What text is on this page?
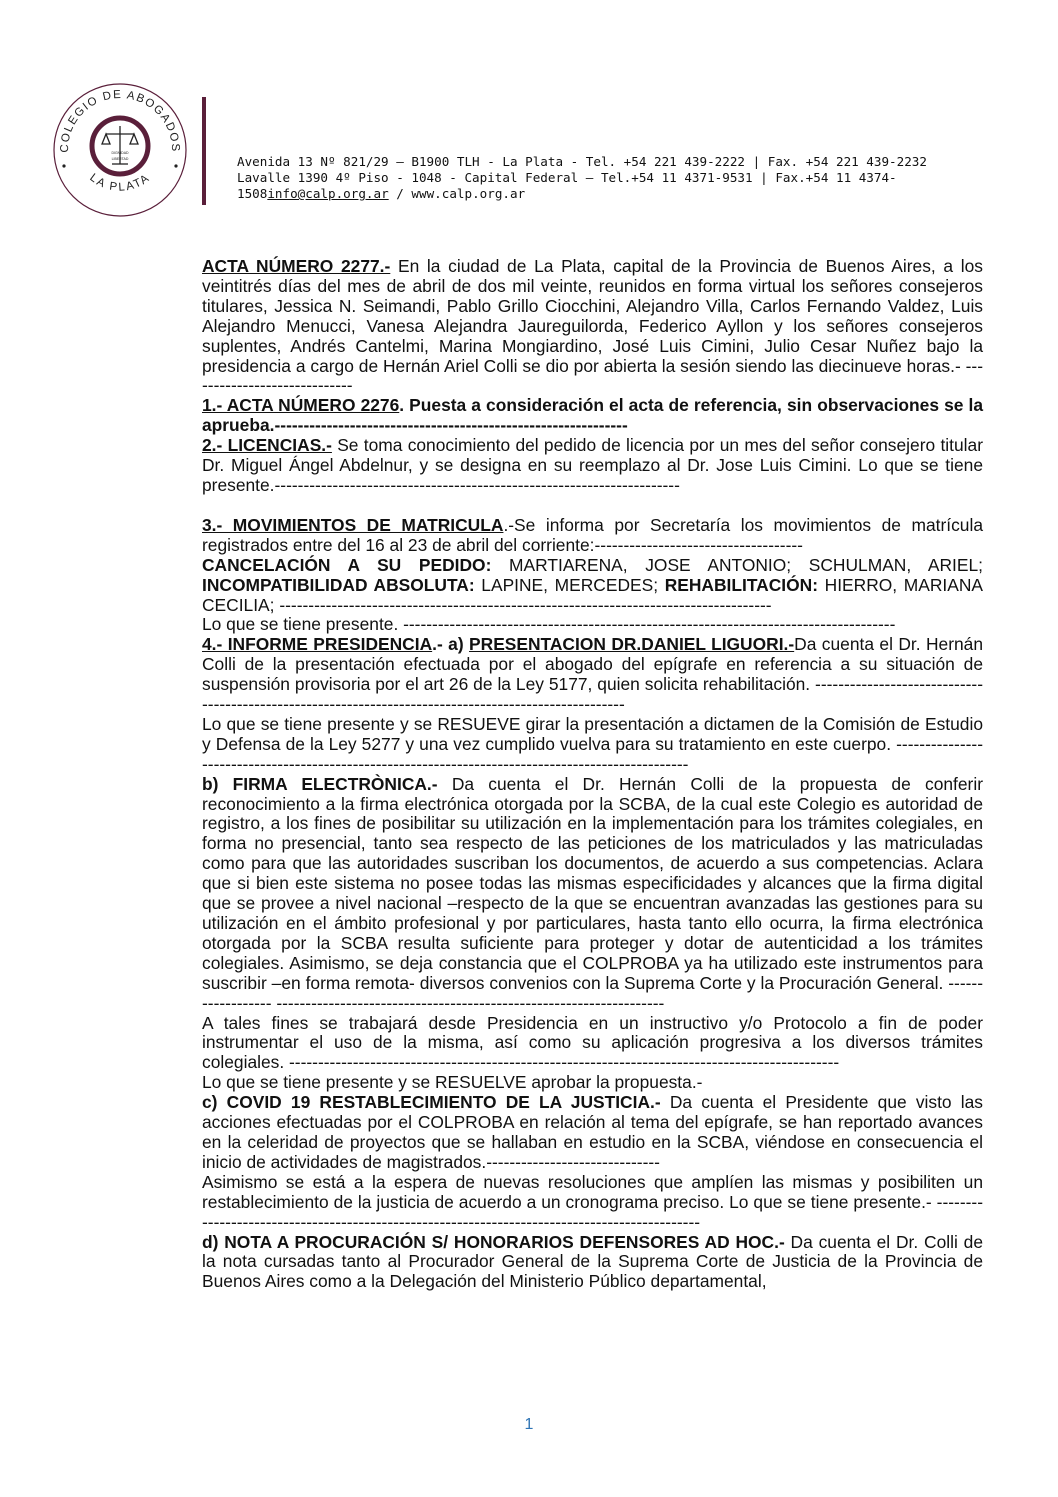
COLEGIO DE ABOGADOS
LA PLATA
DIGNIDAD
LIBERTAD	Avenida 13 Nº 821/29 – B1900 TLH - La Plata - Tel. +54 221 439-2222 | Fax. +54 221 439-2232
Lavalle 1390 4º Piso - 1048 - Capital Federal – Tel.+54 11 4371-9531 | Fax.+54 11 4374-
1508info@calp.org.ar / www.calp.org.ar

ACTA NÚMERO 2277.- En la ciudad de La Plata, capital de la Provincia de Buenos Aires, a los veintitrés días del mes de abril de dos mil veinte, reunidos en forma virtual los señores consejeros titulares, Jessica N. Seimandi, Pablo Grillo Ciocchini, Alejandro Villa, Carlos Fernando Valdez, Luis Alejandro Menucci, Vanesa Alejandra Jaureguilorda, Federico Ayllon y los señores consejeros suplentes, Andrés Cantelmi, Marina Mongiardino, José Luis Cimini, Julio Cesar Nuñez bajo la presidencia a cargo de Hernán Ariel Colli se dio por abierta la sesión siendo las diecinueve horas.- -----------------------------

1.- ACTA NÚMERO 2276. Puesta a consideración el acta de referencia, sin observaciones se la aprueba.-------------------------------------------------------------

2.- LICENCIAS.- Se toma conocimiento del pedido de licencia por un mes del señor consejero titular Dr. Miguel Ángel Abdelnur, y se designa en su reemplazo al Dr. Jose Luis Cimini. Lo que se tiene presente.----------------------------------------------------------------------

3.- MOVIMIENTOS DE MATRICULA.-Se informa por Secretaría los movimientos de matrícula registrados entre del 16 al 23 de abril del corriente:------------------------------------

CANCELACIÓN A SU PEDIDO: MARTIARENA, JOSE ANTONIO; SCHULMAN, ARIEL; INCOMPATIBILIDAD ABSOLUTA: LAPINE, MERCEDES; REHABILITACIÓN: HIERRO, MARIANA CECILIA; -------------------------------------------------------------------------------------

Lo que se tiene presente. -------------------------------------------------------------------------------------

4.- INFORME PRESIDENCIA.- a) PRESENTACION DR.DANIEL LIGUORI.-Da cuenta el Dr. Hernán Colli de la presentación efectuada por el abogado del epígrafe en referencia a su situación de suspensión provisoria por el art 26 de la Ley 5177, quien solicita rehabilitación. ------------------------------------------------------------------------------------------------------

Lo que se tiene presente y se RESUEVE girar la presentación a dictamen de la Comisión de Estudio y Defensa de la Ley 5277 y una vez cumplido vuelva para su tratamiento en este cuerpo. ---------------------------------------------------------------------------------------------------

b) FIRMA ELECTRÒNICA.- Da cuenta el Dr. Hernán Colli de la propuesta de conferir reconocimiento a la firma electrónica otorgada por la SCBA, de la cual este Colegio es autoridad de registro, a los fines de posibilitar su utilización en la implementación para los trámites colegiales, en forma no presencial, tanto sea respecto de las peticiones de los matriculados y las matriculadas como para que las autoridades suscriban los documentos, de acuerdo a sus competencias. Aclara que si bien este sistema no posee todas las mismas especificidades y alcances que la firma digital que se provee a nivel nacional –respecto de la que se encuentran avanzadas las gestiones para su utilización en el ámbito profesional y por particulares, hasta tanto ello ocurra, la firma electrónica otorgada por la SCBA resulta suficiente para proteger y dotar de autenticidad a los trámites colegiales. Asimismo, se deja constancia que el COLPROBA ya ha utilizado este instrumentos para suscribir –en forma remota- diversos convenios con la Suprema Corte y la Procuración General. ------------------ -------------------------------------------------------------------

A tales fines se trabajará desde Presidencia en un instructivo y/o Protocolo a fin de poder instrumentar el uso de la misma, así como su aplicación progresiva a los diversos trámites colegiales. -----------------------------------------------------------------------------------------------

Lo que se tiene presente y se RESUELVE aprobar la propuesta.-

c) COVID 19 RESTABLECIMIENTO DE LA JUSTICIA.- Da cuenta el Presidente que visto las acciones efectuadas por el COLPROBA en relación al tema del epígrafe, se han reportado avances en la celeridad de proyectos que se hallaban en estudio en la SCBA, viéndose en consecuencia el inicio de actividades de magistrados.------------------------------

Asimismo se está a la espera de nuevas resoluciones que amplíen las mismas y posibiliten un restablecimiento de la justicia de acuerdo a un cronograma preciso. Lo que se tiene presente.- ----------------------------------------------------------------------------------------------

d) NOTA A PROCURACIÓN S/ HONORARIOS DEFENSORES AD HOC.- Da cuenta el Dr. Colli de la nota cursadas tanto al Procurador General de la Suprema Corte de Justicia de la Provincia de Buenos Aires como a la Delegación del Ministerio Público departamental,

1
